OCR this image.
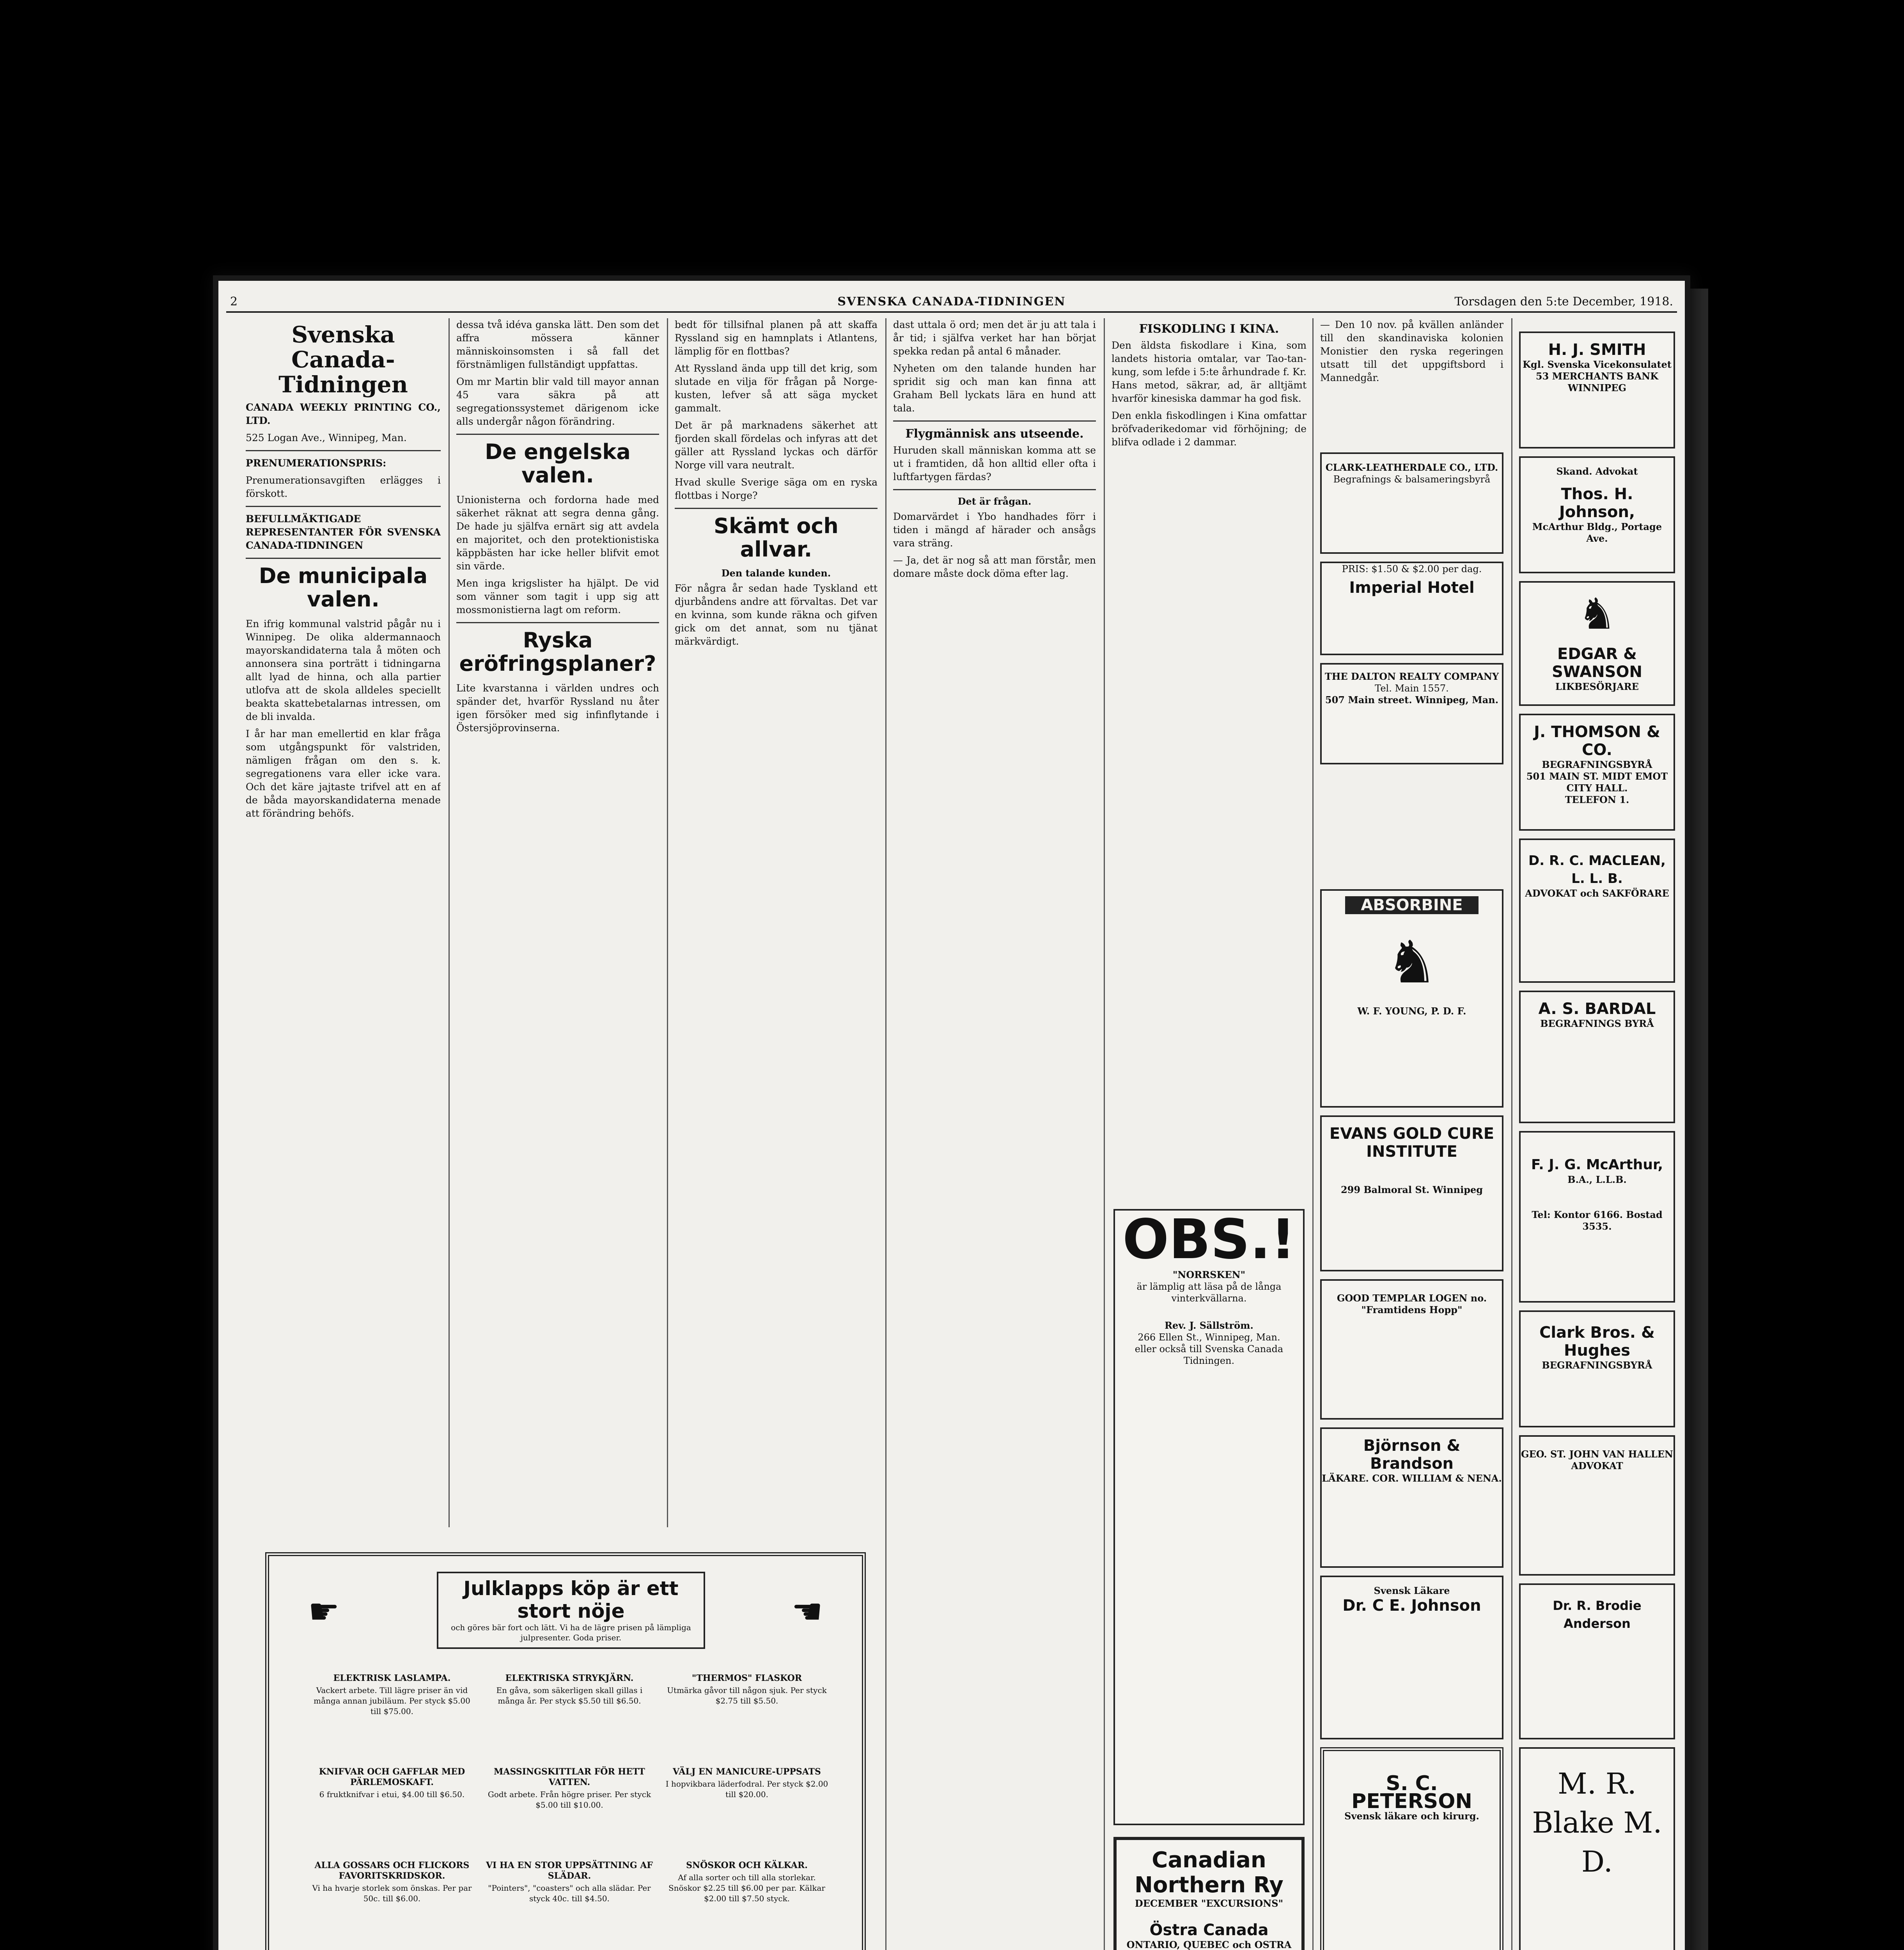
2	SVENSKA CANADA-TIDNINGEN	Torsdagen den 5:te December, 1918.
Svenska Canada-Tidningen

CANADA WEEKLY PRINTING CO., LTD.

525 Logan Ave., Winnipeg, Man.

PRENUMERATIONSPRIS:

Prenumerationsavgiften erlägges i förskott.

BEFULLMÄKTIGADE REPRESENTANTER FÖR SVENSKA CANADA-TIDNINGEN

De municipala valen.

En ifrig kommunal valstrid pågår nu i Winnipeg. De olika aldermannaoch mayorskandidaterna tala å möten och annonsera sina porträtt i tidningarna allt lyad de hinna, och alla partier utlofva att de skola alldeles speciellt beakta skattebetalarnas intressen, om de bli invalda.

I år har man emellertid en klar fråga som utgångspunkt för valstriden, nämligen frågan om den s. k. segregationens vara eller icke vara. Och det käre jajtaste trifvel att en af de båda mayorskandidaterna menade att förändring behöfs.

dessa två idéva ganska lätt. Den som det affra mössera känner människoinsomsten i så fall det förstnämligen fullständigt uppfattas.

Om mr Martin blir vald till mayor annan 45 vara säkra på att segregationssystemet därigenom icke alls undergår någon förändring.

De engelska valen.

Unionisterna och fordorna hade med säkerhet räknat att segra denna gång. De hade ju själfva ernärt sig att avdela en majoritet, och den protektionistiska käppbästen har icke heller blifvit emot sin värde.

Men inga krigslister ha hjälpt. De vid som vänner som tagit i upp sig att mossmonistierna lagt om reform.

Ryska eröfringsplaner?

Lite kvarstanna i världen undres och spänder det, hvarför Ryssland nu åter igen försöker med sig infinflytande i Östersjöprovinserna.

bedt för tillsifnal planen på att skaffa Ryssland sig en hamnplats i Atlantens, lämplig för en flottbas?

Att Ryssland ända upp till det krig, som slutade en vilja för frågan på Norge-kusten, lefver så att säga mycket gammalt.

Det är på marknadens säkerhet att fjorden skall fördelas och infyras att det gäller att Ryssland lyckas och därför Norge vill vara neutralt.

Hvad skulle Sverige säga om en ryska flottbas i Norge?

Skämt och allvar.
Den talande kunden.

För några år sedan hade Tyskland ett djurbåndens andre att förvaltas. Det var en kvinna, som kunde räkna och gifven gick om det annat, som nu tjänat märkvärdigt.

dast uttala ö ord; men det är ju att tala i år tid; i själfva verket har han börjat spekka redan på antal 6 månader.

Nyheten om den talande hunden har spridit sig och man kan finna att Graham Bell lyckats lära en hund att tala.

Flygmännisk ans utseende.

Huruden skall människan komma att se ut i framtiden, då hon alltid eller ofta i luftfartygen färdas?

Det är frågan.

Domarvärdet i Ybo handhades förr i tiden i mängd af härader och ansågs vara sträng.

— Ja, det är nog så att man förstår, men domare måste dock döma efter lag.

FISKODLING I KINA.

Den äldsta fiskodlare i Kina, som landets historia omtalar, var Tao-tan-kung, som lefde i 5:te århundrade f. Kr. Hans metod, säkrar, ad, är alltjämt hvarför kinesiska dammar ha god fisk.

Den enkla fiskodlingen i Kina omfattar bröfvaderikedomar vid förhöjning; de blifva odlade i 2 dammar.

OBS.!
"NORRSKEN"
är lämplig att läsa på de långa vinterkvällarna.
Rev. J. Sällström.
266 Ellen St., Winnipeg, Man.
eller också till Svenska Canada Tidningen.
Canadian Northern Ry
DECEMBER "EXCURSIONS"
Östra Canada
ONTARIO, QUEBEC och OSTRA

— Den 10 nov. på kvällen anländer till den skandinaviska kolonien Monistier den ryska regeringen utsatt till det uppgiftsbord i Mannedgår.

CLARK-LEATHERDALE CO., LTD.
Begrafnings & balsameringsbyrå
PRIS: $1.50 & $2.00 per dag.
Imperial Hotel
THE DALTON REALTY COMPANY
Tel. Main 1557.
507 Main street. Winnipeg, Man.
ABSORBINE
♞
W. F. YOUNG, P. D. F.
EVANS GOLD CURE INSTITUTE
299 Balmoral St. Winnipeg
GOOD TEMPLAR LOGEN no. "Framtidens Hopp"
Björnson & Brandson
LÄKARE. COR. WILLIAM & NENA.
Svensk Läkare
Dr. C E. Johnson
S. C. PETERSON
Svensk läkare och kirurg.
H. J. SMITH
Kgl. Svenska Vicekonsulatet
53 MERCHANTS BANK WINNIPEG
Skand. Advokat
Thos. H. Johnson,
McArthur Bldg., Portage Ave.
♞
EDGAR & SWANSON
LIKBESÖRJARE
J. THOMSON & CO.
BEGRAFNINGSBYRÅ
501 MAIN ST. MIDT EMOT CITY HALL.
TELEFON 1.
D. R. C. MACLEAN, L. L. B.
ADVOKAT och SAKFÖRARE
A. S. BARDAL
BEGRAFNINGS BYRÅ
F. J. G. McArthur,
B.A., L.L.B.
Tel: Kontor 6166. Bostad 3535.
Clark Bros. & Hughes
BEGRAFNINGSBYRÅ
GEO. ST. JOHN VAN HALLEN ADVOKAT
Dr. R. Brodie Anderson
M. R. Blake M. D.
☛
Julklapps köp är ett stort nöje
och göres bär fort och lätt. Vi ha de lägre prisen på lämpliga julpresenter. Goda priser.
☚
ELEKTRISK LASLAMPA.
Vackert arbete. Till lägre priser än vid många annan jubiläum. Per styck $5.00 till $75.00.
ELEKTRISKA STRYKJÄRN.
En gåva, som säkerligen skall gillas i många år. Per styck $5.50 till $6.50.
"THERMOS" FLASKOR
Utmärka gåvor till någon sjuk. Per styck $2.75 till $5.50.
KNIFVAR OCH GAFFLAR MED PÄRLEMOSKAFT.
6 fruktknifvar i etui, $4.00 till $6.50.
MASSINGSKITTLAR FÖR HETT VATTEN.
Godt arbete. Från högre priser. Per styck $5.00 till $10.00.
VÄLJ EN MANICURE-UPPSATS
I hopvikbara läderfodral. Per styck $2.00 till $20.00.
ALLA GOSSARS OCH FLICKORS FAVORITSKRIDSKOR.
Vi ha hvarje storlek som önskas. Per par 50c. till $6.00.
VI HA EN STOR UPPSÄTTNING AF SLÄDAR.
"Pointers", "coasters" och alla slädar. Per styck 40c. till $4.50.
SNÖSKOR OCH KÄLKAR.
Af alla sorter och till alla storlekar. Snöskor $2.25 till $6.00 per par. Kälkar $2.00 till $7.50 styck.
